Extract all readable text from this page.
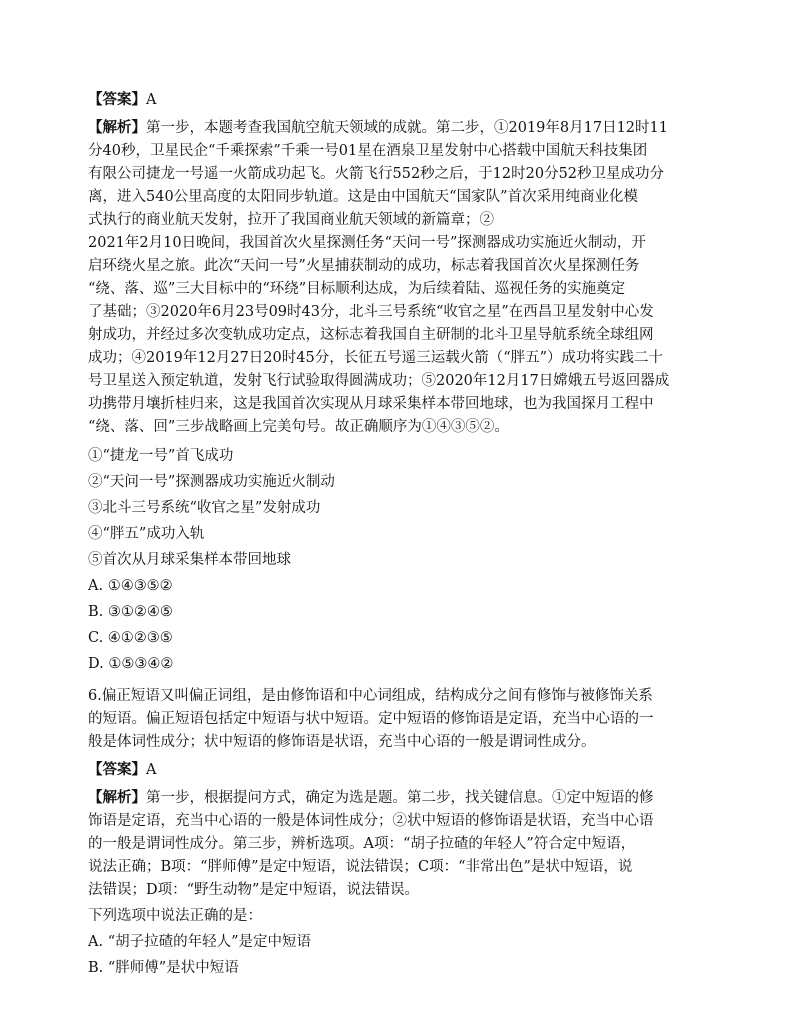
【答案】A

【解析】第一步，本题考查我国航空航天领域的成就。第二步，①2019年8月17日12时11

分40秒，卫星民企“千乘探索”千乘一号01星在酒泉卫星发射中心搭载中国航天科技集团

有限公司捷龙一号遥一火箭成功起飞。火箭飞行552秒之后，于12时20分52秒卫星成功分

离，进入540公里高度的太阳同步轨道。这是由中国航天“国家队”首次采用纯商业化模

式执行的商业航天发射，拉开了我国商业航天领域的新篇章；②

2021年2月10日晚间，我国首次火星探测任务“天问一号”探测器成功实施近火制动，开

启环绕火星之旅。此次“天问一号”火星捕获制动的成功，标志着我国首次火星探测任务

“绕、落、巡”三大目标中的“环绕”目标顺利达成，为后续着陆、巡视任务的实施奠定

了基础；③2020年6月23号09时43分，北斗三号系统“收官之星”在西昌卫星发射中心发

射成功，并经过多次变轨成功定点，这标志着我国自主研制的北斗卫星导航系统全球组网

成功；④2019年12月27日20时45分，长征五号遥三运载火箭（“胖五”）成功将实践二十

号卫星送入预定轨道，发射飞行试验取得圆满成功；⑤2020年12月17日嫦娥五号返回器成

功携带月壤折桂归来，这是我国首次实现从月球采集样本带回地球，也为我国探月工程中

“绕、落、回”三步战略画上完美句号。故正确顺序为①④③⑤②。

①“捷龙一号”首飞成功

②“天问一号”探测器成功实施近火制动

③北斗三号系统“收官之星”发射成功

④“胖五”成功入轨

⑤首次从月球采集样本带回地球

A. ①④③⑤②

B. ③①②④⑤

C. ④①②③⑤

D. ①⑤③④②

6.偏正短语又叫偏正词组，是由修饰语和中心词组成，结构成分之间有修饰与被修饰关系

的短语。偏正短语包括定中短语与状中短语。定中短语的修饰语是定语，充当中心语的一

般是体词性成分；状中短语的修饰语是状语，充当中心语的一般是谓词性成分。

【答案】A

【解析】第一步，根据提问方式，确定为选是题。第二步，找关键信息。①定中短语的修

饰语是定语，充当中心语的一般是体词性成分；②状中短语的修饰语是状语，充当中心语

的一般是谓词性成分。第三步，辨析选项。A项：“胡子拉碴的年轻人”符合定中短语，

说法正确；B项：“胖师傅”是定中短语，说法错误；C项：“非常出色”是状中短语，说

法错误；D项：“野生动物”是定中短语，说法错误。

下列选项中说法正确的是：

A. “胡子拉碴的年轻人”是定中短语

B. “胖师傅”是状中短语
